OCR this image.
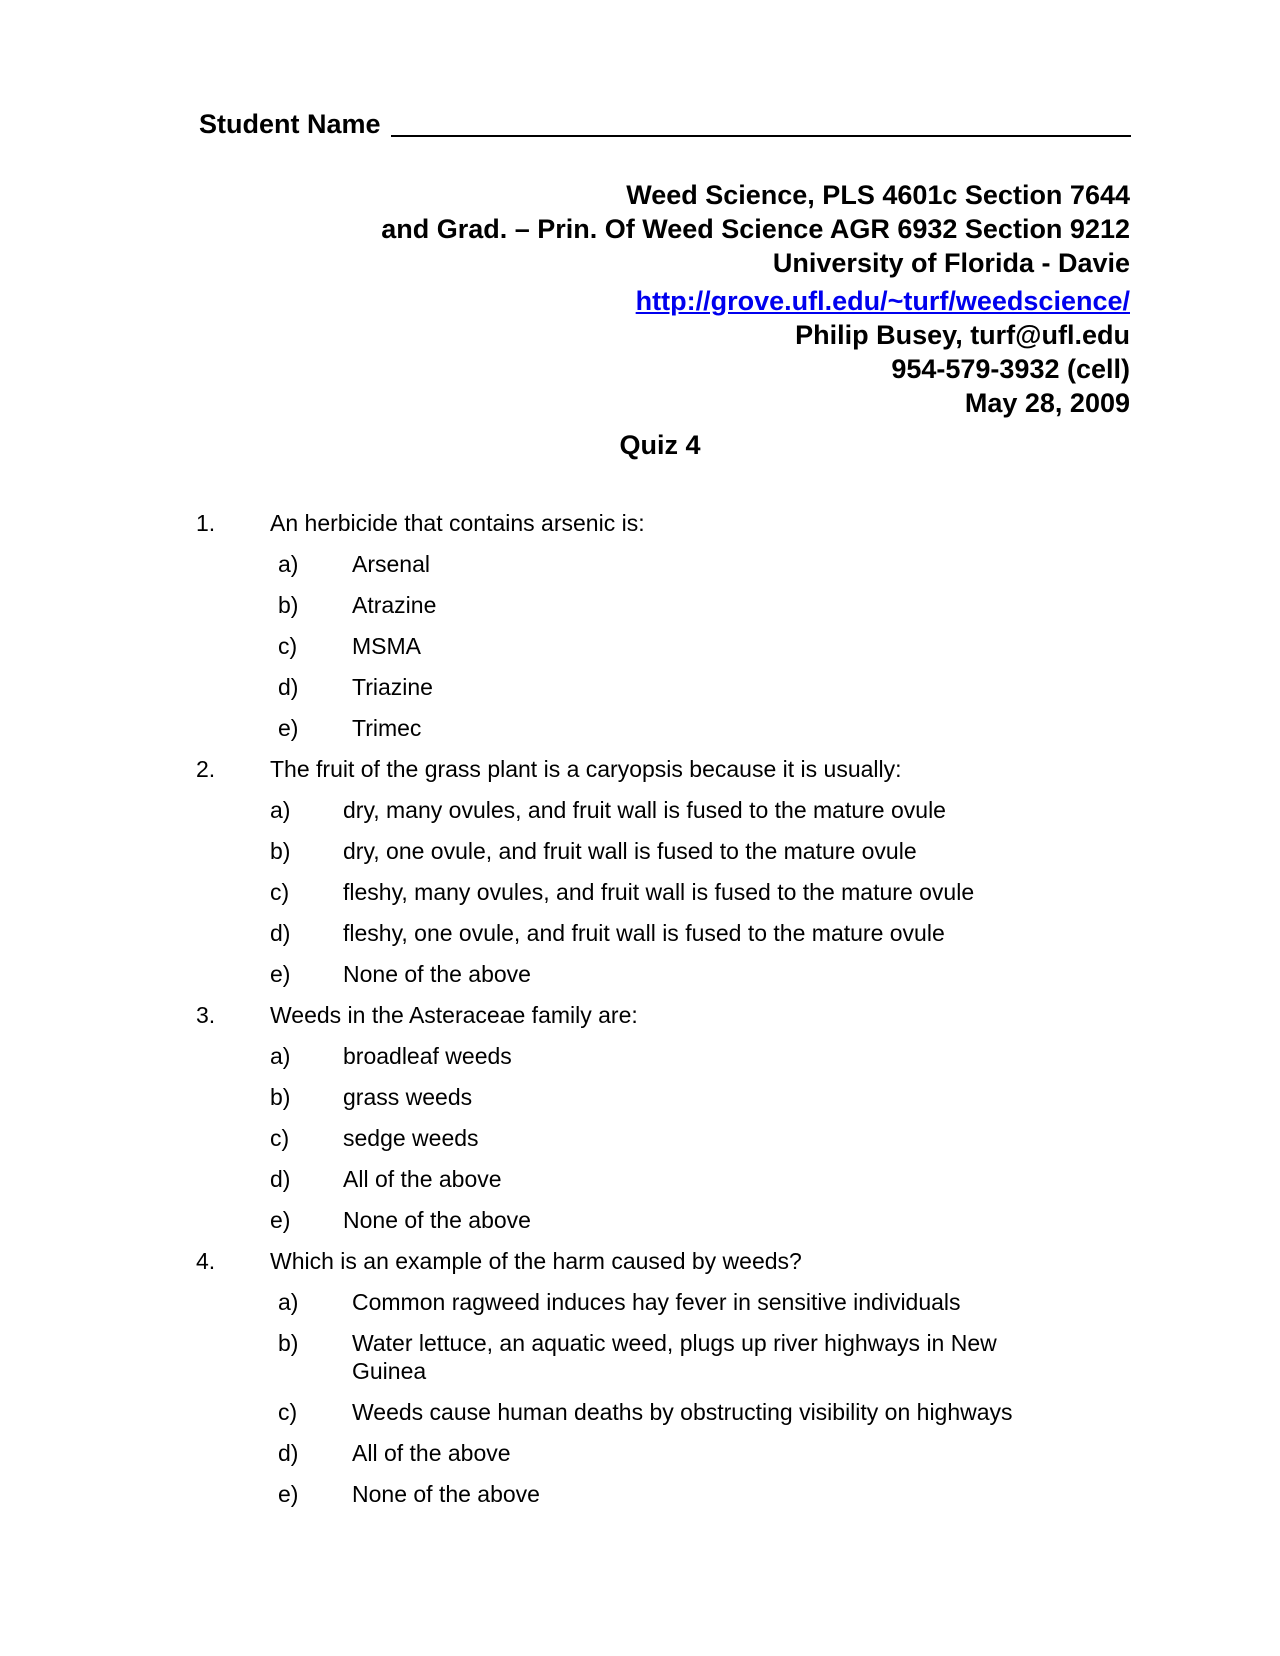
Student Name
Weed Science, PLS 4601c Section 7644
and Grad. – Prin. Of Weed Science AGR 6932 Section 9212
University of Florida - Davie
http://grove.ufl.edu/~turf/weedscience/
Philip Busey, turf@ufl.edu
954-579-3932 (cell)
May 28, 2009
Quiz 4
1. An herbicide that contains arsenic is:
a) Arsenal
b) Atrazine
c) MSMA
d) Triazine
e) Trimec
2. The fruit of the grass plant is a caryopsis because it is usually:
a) dry, many ovules, and fruit wall is fused to the mature ovule
b) dry, one ovule, and fruit wall is fused to the mature ovule
c) fleshy, many ovules, and fruit wall is fused to the mature ovule
d) fleshy, one ovule, and fruit wall is fused to the mature ovule
e) None of the above
3. Weeds in the Asteraceae family are:
a) broadleaf weeds
b) grass weeds
c) sedge weeds
d) All of the above
e) None of the above
4. Which is an example of the harm caused by weeds?
a) Common ragweed induces hay fever in sensitive individuals
b) Water lettuce, an aquatic weed, plugs up river highways in New Guinea
c) Weeds cause human deaths by obstructing visibility on highways
d) All of the above
e) None of the above
